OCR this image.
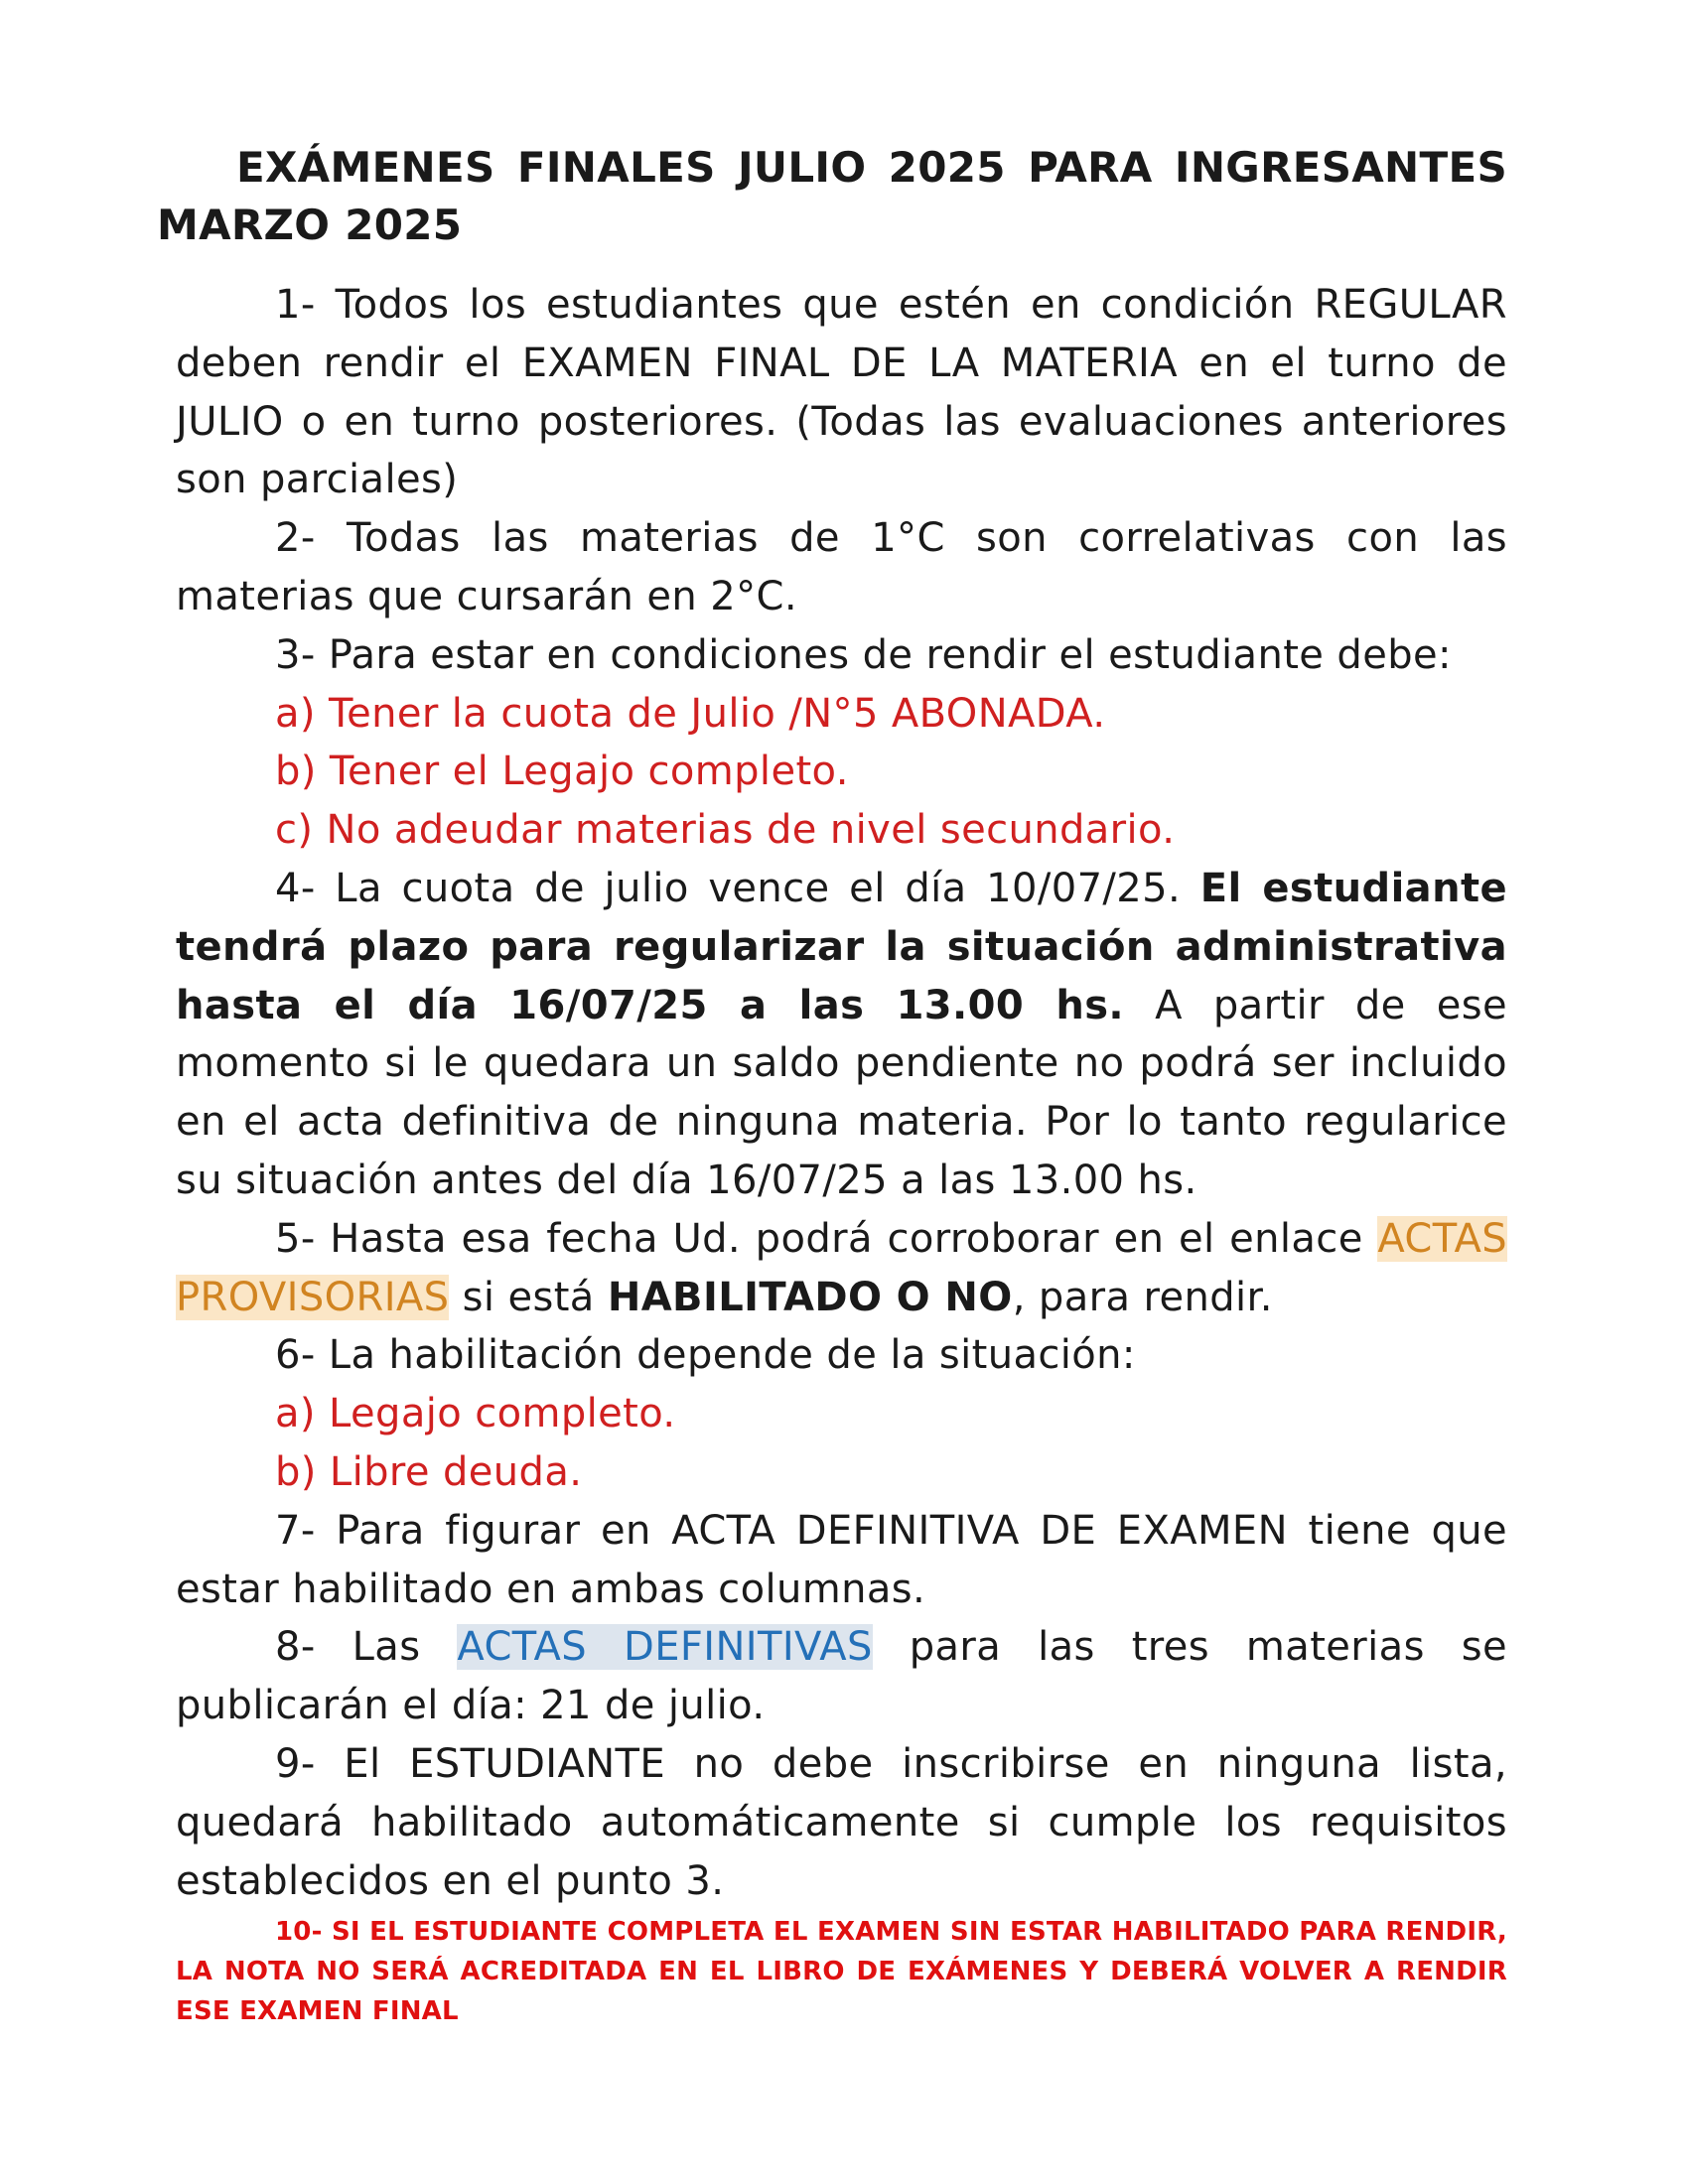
EXÁMENES FINALES JULIO 2025 PARA INGRESANTES MARZO 2025

1- Todos los estudiantes que estén en condición REGULAR deben rendir el EXAMEN FINAL DE LA MATERIA en el turno de JULIO o en turno posteriores. (Todas las evaluaciones anteriores son parciales)

2- Todas las materias de 1°C son correlativas con las materias que cursarán en 2°C.

3- Para estar en condiciones de rendir el estudiante debe:

a) Tener la cuota de Julio /N°5 ABONADA.

b) Tener el Legajo completo.

c) No adeudar materias de nivel secundario.

4- La cuota de julio vence el día 10/07/25. El estudiante tendrá plazo para regularizar la situación administrativa hasta el día 16/07/25 a las 13.00 hs. A partir de ese momento si le quedara un saldo pendiente no podrá ser incluido en el acta definitiva de ninguna materia. Por lo tanto regularice su situación antes del día 16/07/25 a las 13.00 hs.

5- Hasta esa fecha Ud. podrá corroborar en el enlace ACTAS PROVISORIAS si está HABILITADO O NO, para rendir.

6- La habilitación depende de la situación:

a) Legajo completo.

b) Libre deuda.

7- Para figurar en ACTA DEFINITIVA DE EXAMEN tiene que estar habilitado en ambas columnas.

8- Las ACTAS DEFINITIVAS para las tres materias se publicarán el día: 21 de julio.

9- El ESTUDIANTE no debe inscribirse en ninguna lista, quedará habilitado automáticamente si cumple los requisitos establecidos en el punto 3.

10- SI EL ESTUDIANTE COMPLETA EL EXAMEN SIN ESTAR HABILITADO PARA RENDIR, LA NOTA NO SERÁ ACREDITADA EN EL LIBRO DE EXÁMENES Y DEBERÁ VOLVER A RENDIR ESE EXAMEN FINAL
